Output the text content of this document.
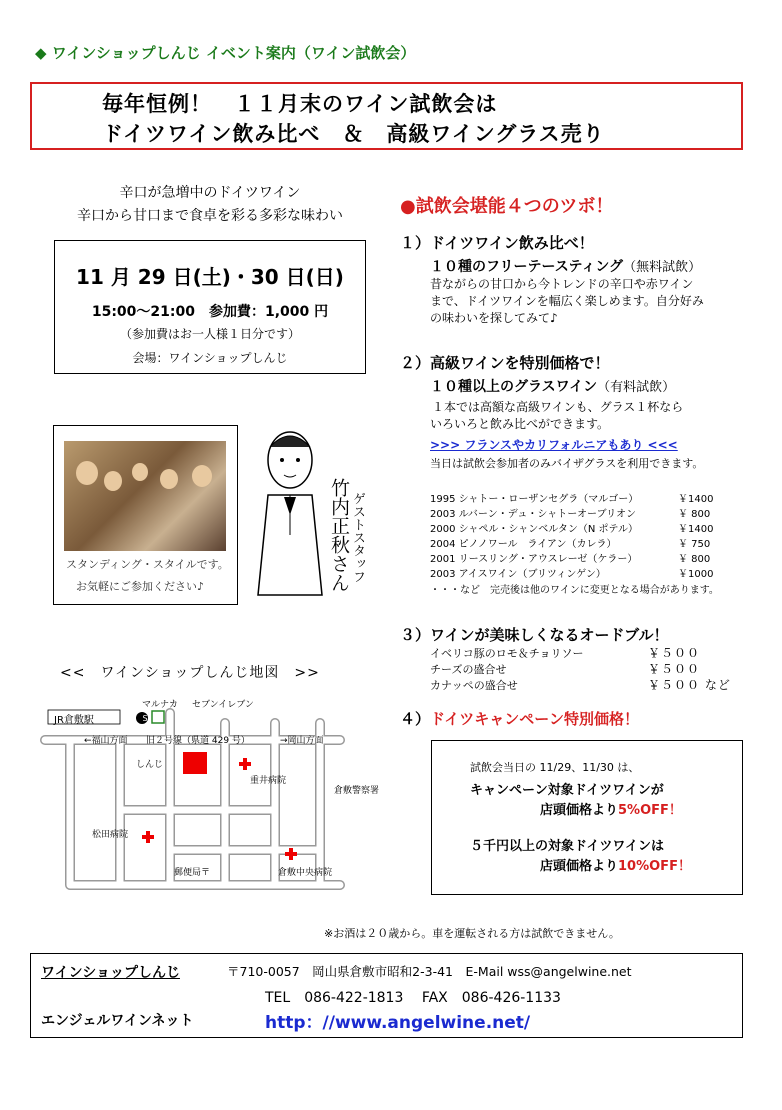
◆ ワインショップしんじ イベント案内（ワイン試飲会）
毎年恒例！　１１月末のワイン試飲会は
ドイツワイン飲み比べ　＆　高級ワイングラス売り
辛口が急増中のドイツワイン
辛口から甘口まで食卓を彩る多彩な味わい
11 月 29 日(土)・30 日(日)
15:00～21:00　参加費：1,000 円
（参加費はお一人様１日分です）
会場：ワインショップしんじ
スタンディング・スタイルです。
お気軽にご参加ください♪
ゲストスタッフ
竹内正秋さん
<<　ワインショップしんじ地図　>>
S
JR倉敷駅
マルナカ セブンイレブン
←福山方面 旧２号線（県道 429 号）	→岡山方面
しんじ
重井病院
倉敷警察署
松田病院
郵便局〒	倉敷中央病院
●試飲会堪能４つのツボ！
１）ドイツワイン飲み比べ！
１０種のフリーテースティング（無料試飲）
昔ながらの甘口から今トレンドの辛口や赤ワイン
まで、ドイツワインを幅広く楽しめます。自分好み
の味わいを探してみて♪
２）高級ワインを特別価格で！
１０種以上のグラスワイン（有料試飲）
１本では高額な高級ワインも、グラス１杯なら
いろいろと飲み比べができます。
>>> フランスやカリフォルニアもあり <<<
当日は試飲会参加者のみバイザグラスを利用できます。
1995 シャトー・ローザンセグラ（マルゴー）	￥1400
2003 ルバーン・デュ・シャトーオーブリオン	￥ 800
2000 シャペル・シャンベルタン（N ポテル）	￥1400
2004 ピノノワール　ライアン（カレラ）	￥ 750
2001 リースリング・アウスレーゼ（ケラー）	￥ 800
2003 アイスワイン（ブリツィンゲン）	￥1000
・・・など　完売後は他のワインに変更となる場合があります。
３）ワインが美味しくなるオードブル！
イベリコ豚のロモ＆チョリソー	￥５００
チーズの盛合せ	￥５００
カナッペの盛合せ	￥５００ など
４）ドイツキャンペーン特別価格！
試飲会当日の 11/29、11/30 は、
キャンペーン対象ドイツワインが
店頭価格より5%OFF！
５千円以上の対象ドイツワインは
店頭価格より10%OFF！
※お酒は２０歳から。車を運転される方は試飲できません。
ワインショップしんじ	〒710-0057　岡山県倉敷市昭和2-3-41　E-Mail wss@angelwine.net
TEL　086-422-1813　 FAX　086-426-1133
エンジェルワインネット	http：//www.angelwine.net/
